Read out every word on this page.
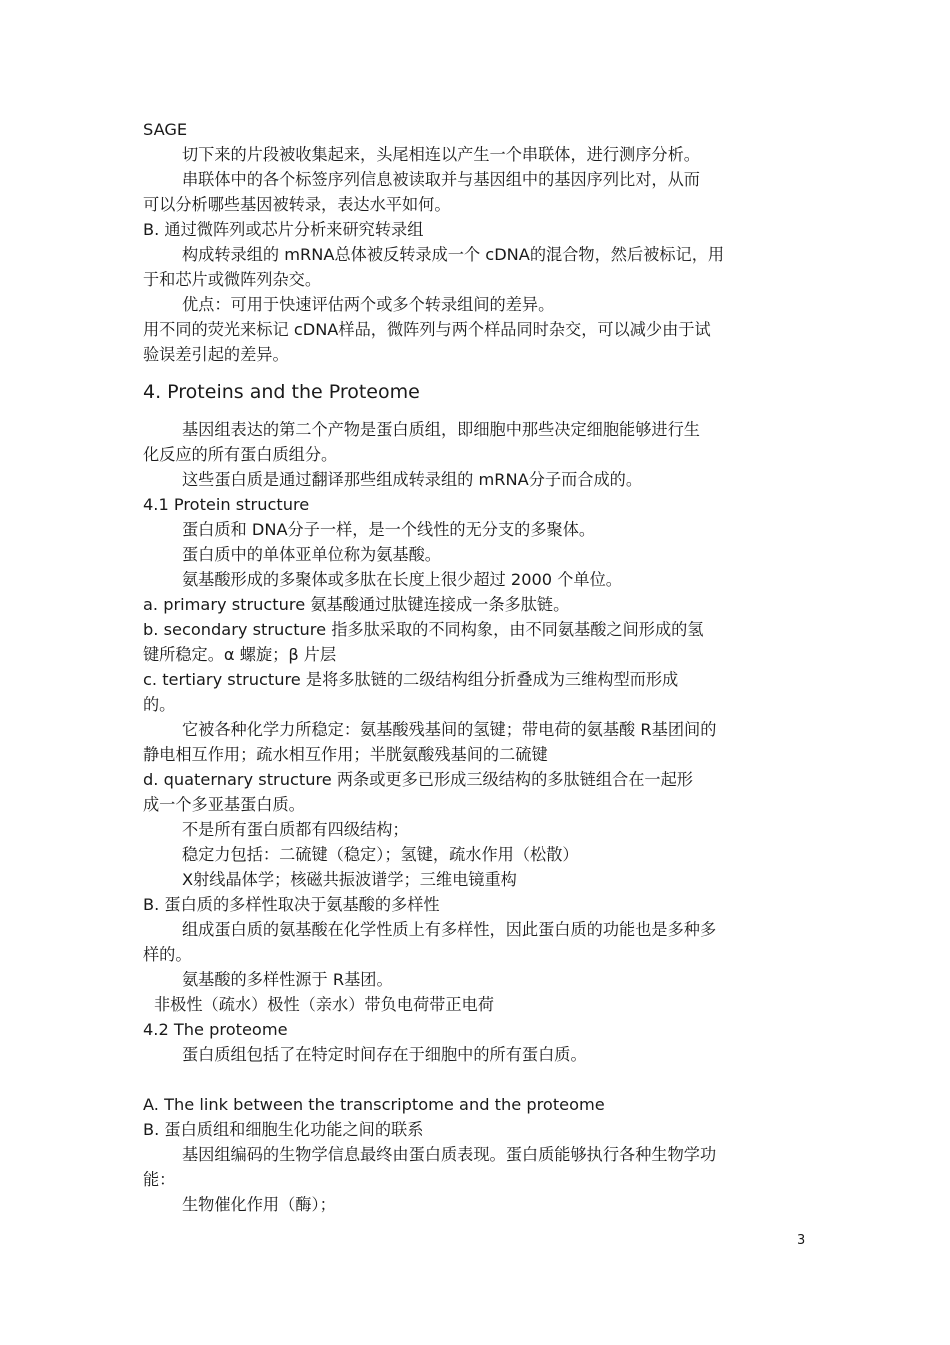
SAGE
切下来的片段被收集起来，头尾相连以产生一个串联体，进行测序分析。
串联体中的各个标签序列信息被读取并与基因组中的基因序列比对，从而
可以分析哪些基因被转录，表达水平如何。
B. 通过微阵列或芯片分析来研究转录组
构成转录组的 mRNA总体被反转录成一个 cDNA的混合物，然后被标记，用
于和芯片或微阵列杂交。
优点：可用于快速评估两个或多个转录组间的差异。
用不同的荧光来标记 cDNA样品，微阵列与两个样品同时杂交，可以减少由于试
验误差引起的差异。
4. Proteins and the Proteome
基因组表达的第二个产物是蛋白质组，即细胞中那些决定细胞能够进行生
化反应的所有蛋白质组分。
这些蛋白质是通过翻译那些组成转录组的 mRNA分子而合成的。
4.1 Protein structure
蛋白质和 DNA分子一样，是一个线性的无分支的多聚体。
蛋白质中的单体亚单位称为氨基酸。
氨基酸形成的多聚体或多肽在长度上很少超过 2000 个单位。
a. primary structure 氨基酸通过肽键连接成一条多肽链。
b. secondary structure 指多肽采取的不同构象，由不同氨基酸之间形成的氢
键所稳定。α 螺旋；β 片层
c. tertiary structure 是将多肽链的二级结构组分折叠成为三维构型而形成
的。
它被各种化学力所稳定：氨基酸残基间的氢键；带电荷的氨基酸 R基团间的
静电相互作用；疏水相互作用；半胱氨酸残基间的二硫键
d. quaternary structure 两条或更多已形成三级结构的多肽链组合在一起形
成一个多亚基蛋白质。
不是所有蛋白质都有四级结构；
稳定力包括：二硫键（稳定）；氢键，疏水作用（松散）
X射线晶体学；核磁共振波谱学；三维电镜重构
B. 蛋白质的多样性取决于氨基酸的多样性
组成蛋白质的氨基酸在化学性质上有多样性，因此蛋白质的功能也是多种多
样的。
氨基酸的多样性源于 R基团。
非极性（疏水）极性（亲水）带负电荷带正电荷
4.2 The proteome
蛋白质组包括了在特定时间存在于细胞中的所有蛋白质。
A. The link between the transcriptome and the proteome
B. 蛋白质组和细胞生化功能之间的联系
基因组编码的生物学信息最终由蛋白质表现。蛋白质能够执行各种生物学功
能：
生物催化作用（酶）；
3
